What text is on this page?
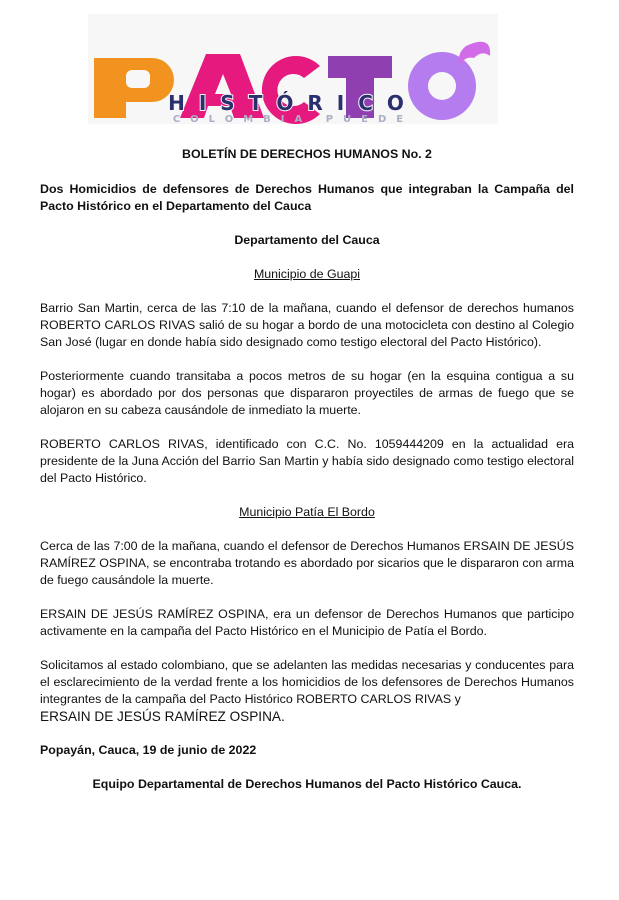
HISTÓRICO
COLOMBIA PUEDE

BOLETÍN DE DERECHOS HUMANOS No. 2

Dos Homicidios de defensores de Derechos Humanos que integraban la Campaña del Pacto Histórico en el Departamento del Cauca

Departamento del Cauca

Municipio de Guapi

Barrio San Martin, cerca de las 7:10 de la mañana, cuando el defensor de derechos humanos ROBERTO CARLOS RIVAS salió de su hogar a bordo de una motocicleta con destino al Colegio San José (lugar en donde había sido designado como testigo electoral del Pacto Histórico).

Posteriormente cuando transitaba a pocos metros de su hogar (en la esquina contigua a su hogar) es abordado por dos personas que dispararon proyectiles de armas de fuego que se alojaron en su cabeza causándole de inmediato la muerte.

ROBERTO CARLOS RIVAS, identificado con C.C. No. 1059444209 en la actualidad era presidente de la Juna Acción del Barrio San Martin y había sido designado como testigo electoral del Pacto Histórico.

Municipio Patía El Bordo

Cerca de las 7:00 de la mañana, cuando el defensor de Derechos Humanos ERSAIN DE JESÚS RAMÍREZ OSPINA, se encontraba trotando es abordado por sicarios que le dispararon con arma de fuego causándole la muerte.

ERSAIN DE JESÚS RAMÍREZ OSPINA, era un defensor de Derechos Humanos que participo activamente en la campaña del Pacto Histórico en el Municipio de Patía el Bordo.

Solicitamos al estado colombiano, que se adelanten las medidas necesarias y conducentes para el esclarecimiento de la verdad frente a los homicidios de los defensores de Derechos Humanos integrantes de la campaña del Pacto Histórico ROBERTO CARLOS RIVAS y

ERSAIN DE JESÚS RAMÍREZ OSPINA.

Popayán, Cauca, 19 de junio de 2022

Equipo Departamental de Derechos Humanos del Pacto Histórico Cauca.
